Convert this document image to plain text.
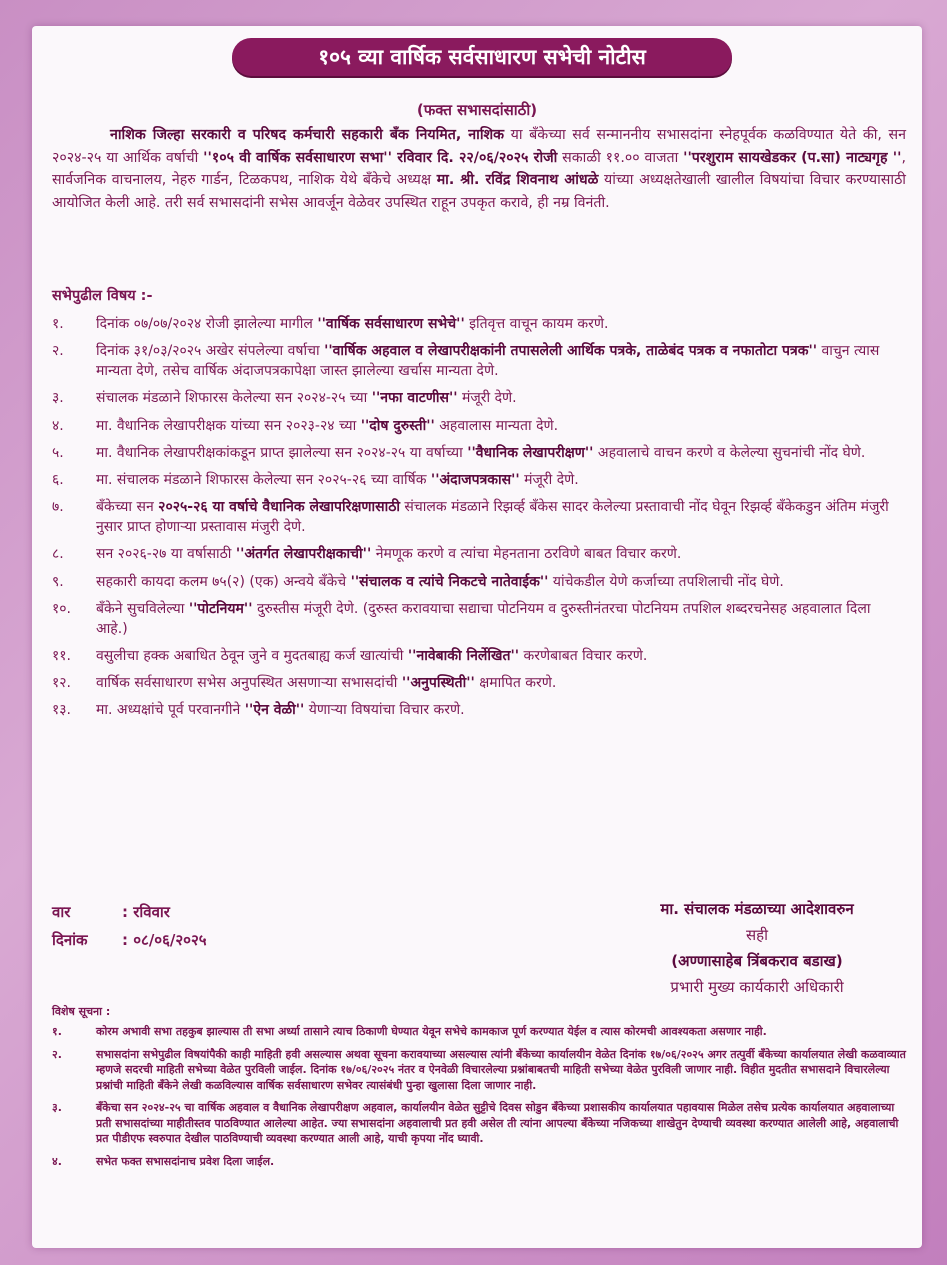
१०५ व्या वार्षिक सर्वसाधारण सभेची नोटीस
(फक्त सभासदांसाठी)
नाशिक जिल्हा सरकारी व परिषद कर्मचारी सहकारी बँक नियमित, नाशिक या बँकेच्या सर्व सन्माननीय सभासदांना स्नेहपूर्वक कळविण्यात येते की, सन २०२४-२५ या आर्थिक वर्षाची ''१०५ वी वार्षिक सर्वसाधारण सभा'' रविवार दि. २२/०६/२०२५ रोजी सकाळी ११.०० वाजता ''परशुराम सायखेडकर (प.सा) नाट्यगृह '', सार्वजनिक वाचनालय, नेहरु गार्डन, टिळकपथ, नाशिक येथे बँकेचे अध्यक्ष मा. श्री. रविंद्र शिवनाथ आंधळे यांच्या अध्यक्षतेखाली खालील विषयांचा विचार करण्यासाठी आयोजित केली आहे. तरी सर्व सभासदांनी सभेस आवर्जून वेळेवर उपस्थित राहून उपकृत करावे, ही नम्र विनंती.
सभेपुढील विषय :-
१.	दिनांक ०७/०७/२०२४ रोजी झालेल्या मागील ''वार्षिक सर्वसाधारण सभेचे'' इतिवृत्त वाचून कायम करणे.
२.	दिनांक ३१/०३/२०२५ अखेर संपलेल्या वर्षाचा ''वार्षिक अहवाल व लेखापरीक्षकांनी तपासलेली आर्थिक पत्रके, ताळेबंद पत्रक व नफातोटा पत्रक'' वाचुन त्यास मान्यता देणे, तसेच वार्षिक अंदाजपत्रकापेक्षा जास्त झालेल्या खर्चास मान्यता देणे.
३.	संचालक मंडळाने शिफारस केलेल्या सन २०२४-२५ च्या ''नफा वाटणीस'' मंजूरी देणे.
४.	मा. वैधानिक लेखापरीक्षक यांच्या सन २०२३-२४ च्या ''दोष दुरुस्ती'' अहवालास मान्यता देणे.
५.	मा. वैधानिक लेखापरीक्षकांकडून प्राप्त झालेल्या सन २०२४-२५ या वर्षाच्या ''वैधानिक लेखापरीक्षण'' अहवालाचे वाचन करणे व केलेल्या सुचनांची नोंद घेणे.
६.	मा. संचालक मंडळाने शिफारस केलेल्या सन २०२५-२६ च्या वार्षिक ''अंदाजपत्रकास'' मंजूरी देणे.
७.	बँकेच्या सन २०२५-२६ या वर्षाचे वैधानिक लेखापरिक्षणासाठी संचालक मंडळाने रिझर्व्ह बँकेस सादर केलेल्या प्रस्तावाची नोंद घेवून रिझर्व्ह बँकेकडुन अंतिम मंजुरी नुसार प्राप्त होणाऱ्या प्रस्तावास मंजुरी देणे.
८.	सन २०२६-२७ या वर्षासाठी ''अंतर्गत लेखापरीक्षकाची'' नेमणूक करणे व त्यांचा मेहनताना ठरविणे बाबत विचार करणे.
९.	सहकारी कायदा कलम ७५(२) (एक) अन्वये बँकेचे ''संचालक व त्यांचे निकटचे नातेवाईक'' यांचेकडील येणे कर्जाच्या तपशिलाची नोंद घेणे.
१०.	बँकेने सुचविलेल्या ''पोटनियम'' दुरुस्तीस मंजूरी देणे. (दुरुस्त करावयाचा सद्याचा पोटनियम व दुरुस्तीनंतरचा पोटनियम तपशिल शब्दरचनेसह अहवालात दिला आहे.)
११.	वसुलीचा हक्क अबाधित ठेवून जुने व मुदतबाह्य कर्ज खात्यांची ''नावेबाकी निर्लेखित'' करणेबाबत विचार करणे.
१२.	वार्षिक सर्वसाधारण सभेस अनुपस्थित असणाऱ्या सभासदांची ''अनुपस्थिती'' क्षमापित करणे.
१३.	मा. अध्यक्षांचे पूर्व परवानगीने ''ऐन वेळी'' येणाऱ्या विषयांचा विचार करणे.
वार	: रविवार
दिनांक : ०८/०६/२०२५
मा. संचालक मंडळाच्या आदेशावरुन
सही
(अण्णासाहेब त्रिंबकराव बडाख)
प्रभारी मुख्य कार्यकारी अधिकारी
विशेष सूचना :
१.	कोरम अभावी सभा तहकुब झाल्यास ती सभा अर्ध्या तासाने त्याच ठिकाणी घेण्यात येवून सभेचे कामकाज पूर्ण करण्यात येईल व त्यास कोरमची आवश्यकता असणार नाही.
२.	सभासदांना सभेपुढील विषयांपैकी काही माहिती हवी असल्यास अथवा सूचना करावयाच्या असल्यास त्यांनी बँकेच्या कार्यालयीन वेळेत दिनांक १७/०६/२०२५ अगर तत्पुर्वी बँकेच्या कार्यालयात लेखी कळवाव्यात म्हणजे सदरची माहिती सभेच्या वेळेत पुरविली जाईल. दिनांक १७/०६/२०२५ नंतर व ऐनवेळी विचारलेल्या प्रश्नांबाबतची माहिती सभेच्या वेळेत पुरविली जाणार नाही. विहीत मुदतीत सभासदाने विचारलेल्या प्रश्नांची माहिती बँकेने लेखी कळविल्यास वार्षिक सर्वसाधारण सभेवर त्यासंबंधी पुन्हा खुलासा दिला जाणार नाही.
३.	बँकेचा सन २०२४-२५ चा वार्षिक अहवाल व वैधानिक लेखापरीक्षण अहवाल, कार्यालयीन वेळेत सुट्टीचे दिवस सोडुन बँकेच्या प्रशासकीय कार्यालयात पहावयास मिळेल तसेच प्रत्येक कार्यालयात अहवालाच्या प्रती सभासदांच्या माहीतीस्तव पाठविण्यात आलेल्या आहेत. ज्या सभासदांना अहवालाची प्रत हवी असेल ती त्यांना आपल्या बँकेच्या नजिकच्या शाखेतुन देण्याची व्यवस्था करण्यात आलेली आहे, अहवालाची प्रत पीडीएफ स्वरुपात देखील पाठविण्याची व्यवस्था करण्यात आली आहे, याची कृपया नोंद घ्यावी.
४.	सभेत फक्त सभासदांनाच प्रवेश दिला जाईल.
